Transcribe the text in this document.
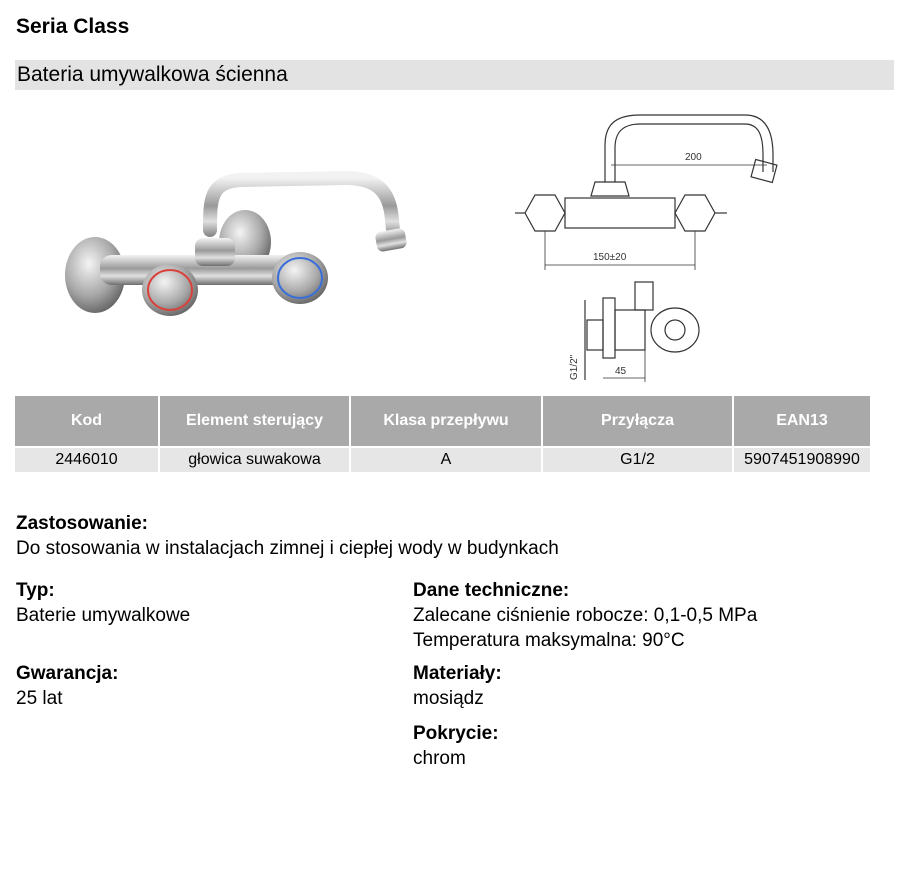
Seria Class
Bateria umywalkowa ścienna
200
150±20
G1/2"	45
Kod	Element sterujący	Klasa przepływu	Przyłącza	EAN13
2446010	głowica suwakowa	A	G1/2	5907451908990
Zastosowanie:
Do stosowania w instalacjach zimnej i ciepłej wody w budynkach
Typ:
Baterie umywalkowe
Gwarancja:
25 lat
Dane techniczne:
Zalecane ciśnienie robocze: 0,1-0,5 MPa
Temperatura maksymalna: 90°C
Materiały:
mosiądz
Pokrycie:
chrom
